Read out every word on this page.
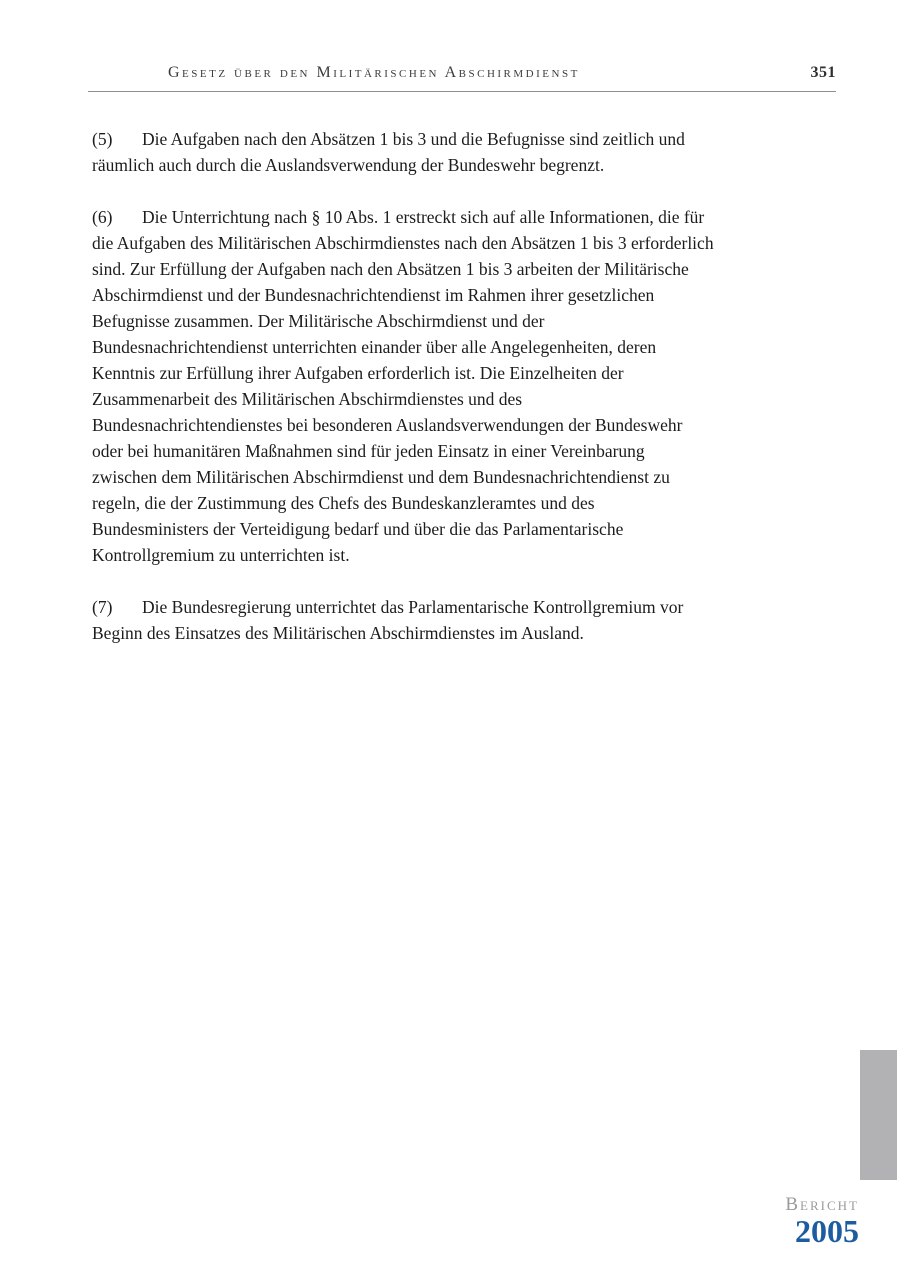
Gesetz über den Militärischen Abschirmdienst	351

(5) Die Aufgaben nach den Absätzen 1 bis 3 und die Befugnisse sind zeitlich und räumlich auch durch die Auslandsverwendung der Bundeswehr begrenzt.

(6) Die Unterrichtung nach § 10 Abs. 1 erstreckt sich auf alle Informationen, die für die Aufgaben des Militärischen Abschirmdienstes nach den Absätzen 1 bis 3 erforderlich sind. Zur Erfüllung der Aufgaben nach den Absätzen 1 bis 3 arbeiten der Militärische Abschirmdienst und der Bundesnachrichtendienst im Rahmen ihrer gesetzlichen Befugnisse zusammen. Der Militärische Abschirmdienst und der Bundesnachrichtendienst unterrichten einander über alle Angelegenheiten, deren Kenntnis zur Erfüllung ihrer Aufgaben erforderlich ist. Die Einzelheiten der Zusammenarbeit des Militärischen Abschirmdienstes und des Bundesnachrichtendienstes bei besonderen Auslandsverwendungen der Bundeswehr oder bei humanitären Maßnahmen sind für jeden Einsatz in einer Vereinbarung zwischen dem Militärischen Abschirmdienst und dem Bundesnachrichtendienst zu regeln, die der Zustimmung des Chefs des Bundeskanzleramtes und des Bundesministers der Verteidigung bedarf und über die das Parlamentarische Kontrollgremium zu unterrichten ist.

(7) Die Bundesregierung unterrichtet das Parlamentarische Kontrollgremium vor Beginn des Einsatzes des Militärischen Abschirmdienstes im Ausland.

Bericht
2005
